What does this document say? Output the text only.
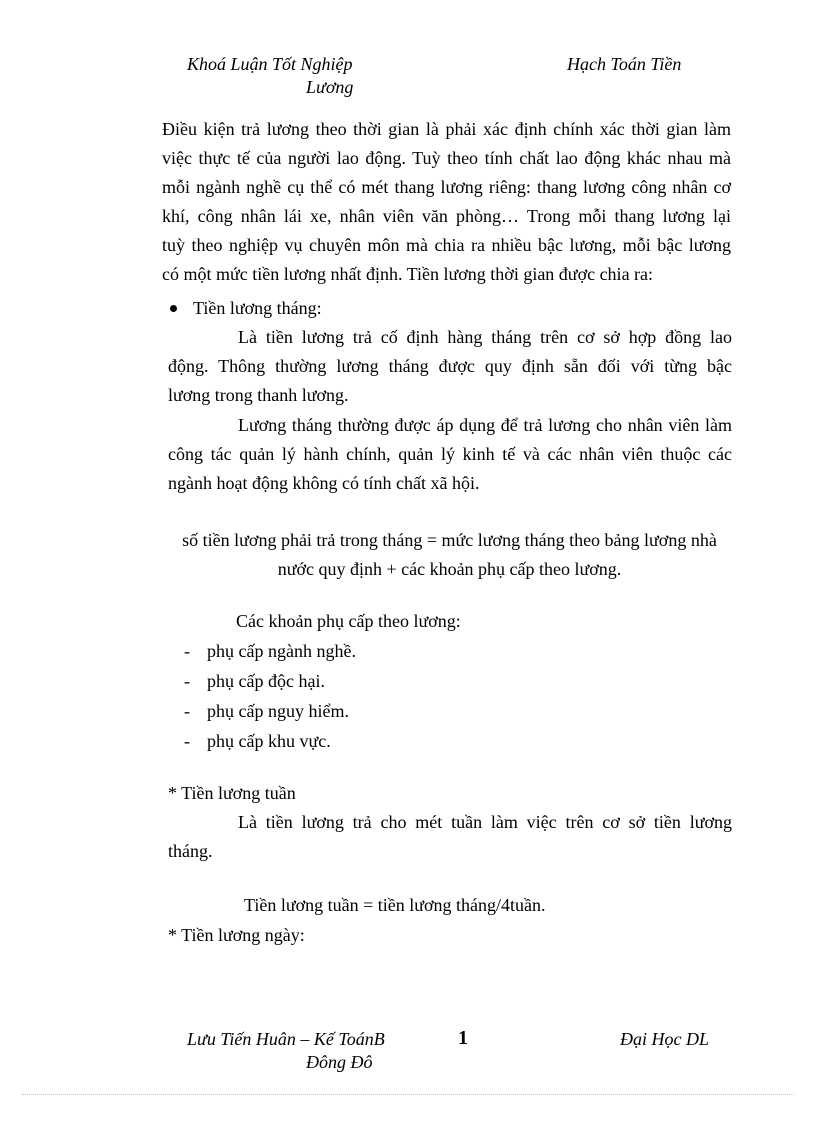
Khoá Luận Tốt Nghiệp	Hạch Toán Tiền
Lương
Điều kiện trả lương theo thời gian là phải xác định chính xác thời gian làm
việc thực tế của người lao động. Tuỳ theo tính chất lao động khác nhau mà
mỗi ngành nghề cụ thể có mét thang lương riêng: thang lương công nhân cơ
khí, công nhân lái xe, nhân viên văn phòng… Trong mỗi thang lương lại
tuỳ theo nghiệp vụ chuyên môn mà chia ra nhiều bậc lương, mỗi bậc lương
có một mức tiền lương nhất định. Tiền lương thời gian được chia ra:
Tiền lương tháng:
Là tiền lương trả cố định hàng tháng trên cơ sở hợp đồng lao
động. Thông thường lương tháng được quy định sẵn đối với từng bậc
lương trong thanh lương.
Lương tháng thường được áp dụng để trả lương cho nhân viên làm
công tác quản lý hành chính, quản lý kinh tế và các nhân viên thuộc các
ngành hoạt động không có tính chất xã hội.
số tiền lương phải trả trong tháng = mức lương tháng theo bảng lương nhà
nước quy định + các khoản phụ cấp theo lương.
Các khoản phụ cấp theo lương:
- phụ cấp ngành nghề.
- phụ cấp độc hại.
- phụ cấp nguy hiểm.
- phụ cấp khu vực.
* Tiền lương tuần
Là tiền lương trả cho mét tuần làm việc trên cơ sở tiền lương
tháng.
Tiền lương tuần = tiền lương tháng/4tuần.
* Tiền lương ngày:
Lưu Tiến Huân – Kế ToánB
Đông Đô
1	Đại Học DL
